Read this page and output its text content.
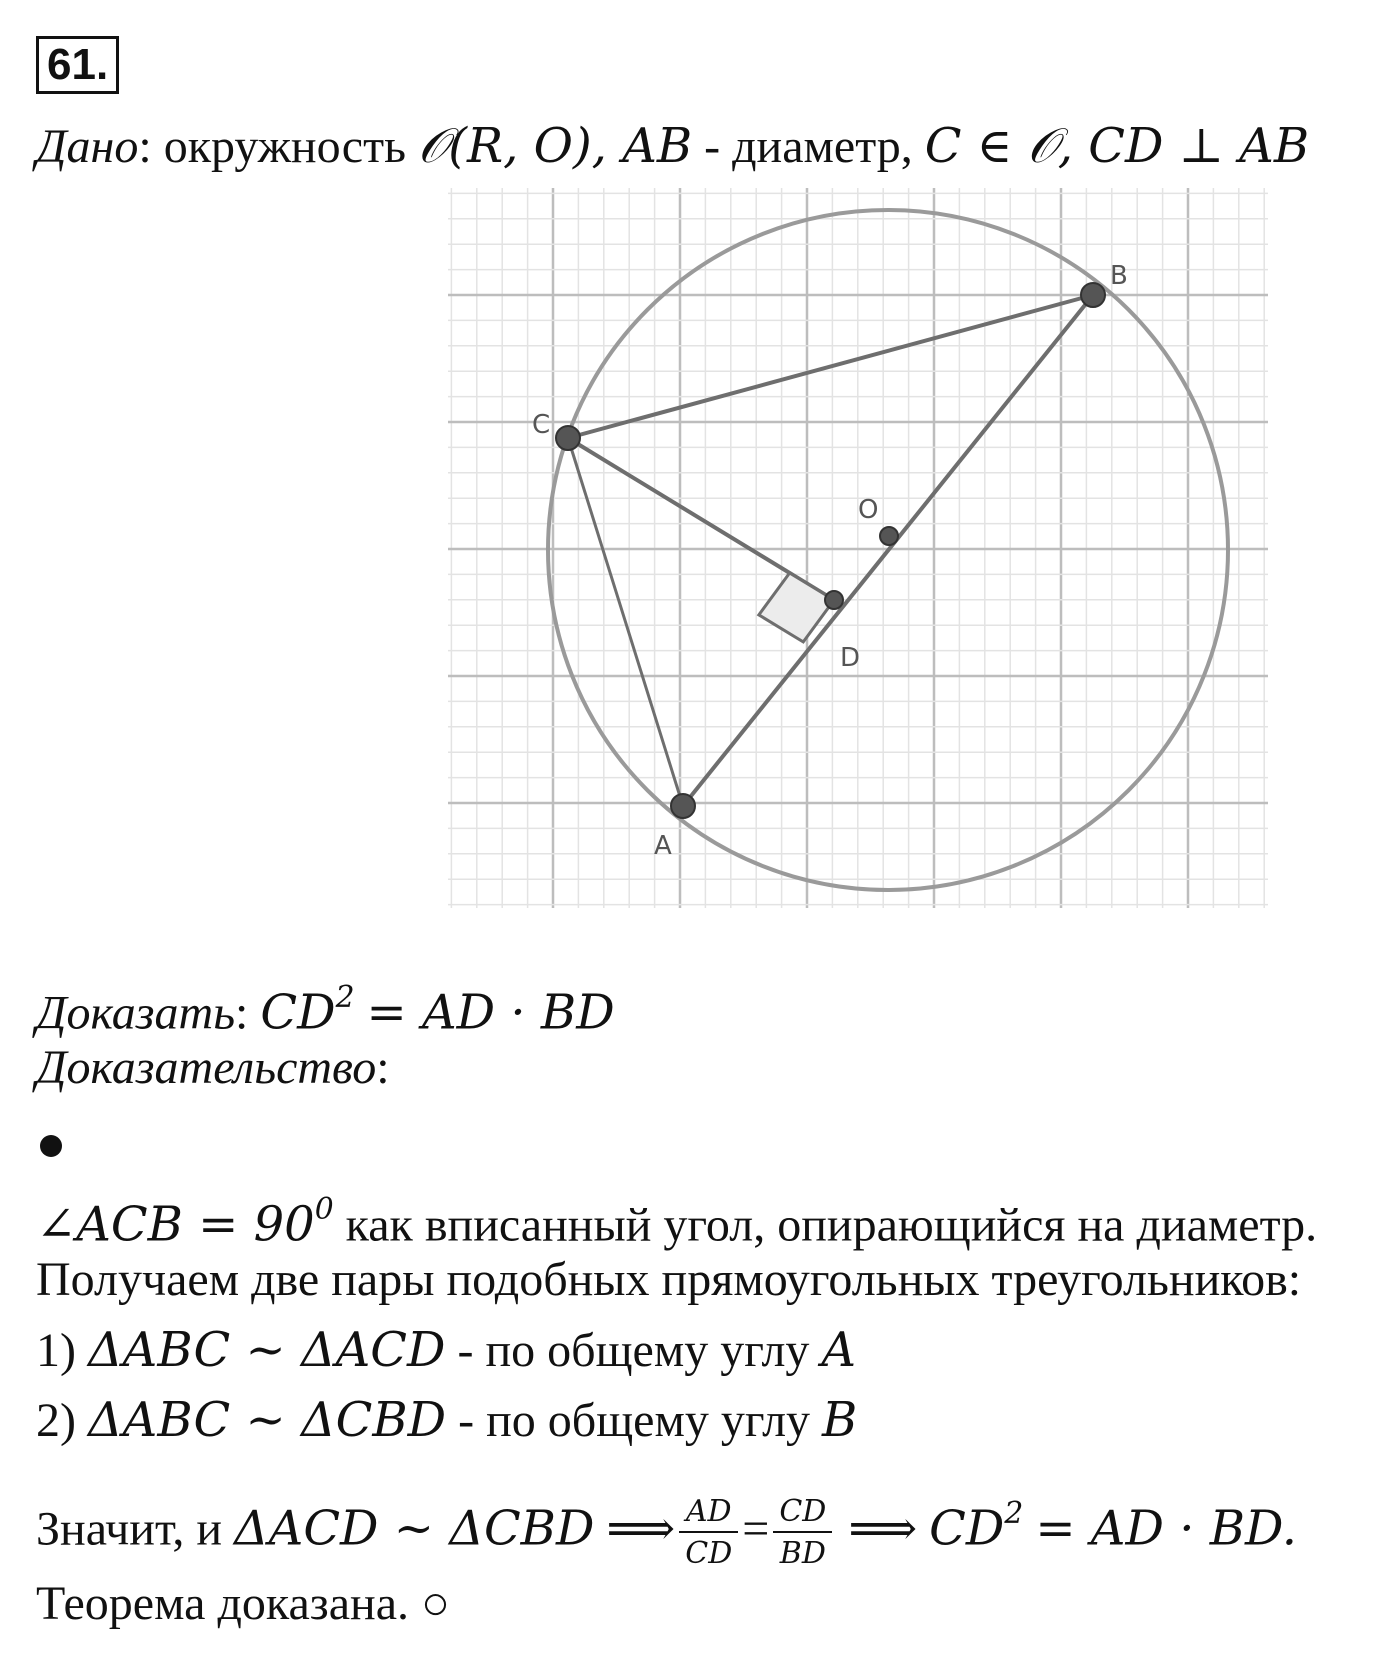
61.
Дано: окружность 𝒪(R, O), AB - диаметр, C ∈ 𝒪, CD ⊥ AB
A
B
C
D
O
Доказать: $CD^2$ = AD · BD
Доказательство:
∠ACB = $90^0$ как вписанный угол, опирающийся на диаметр.
Получаем две пары подобных прямоугольных треугольников:
1) ΔABC ~ ΔACD - по общему углу A
2) ΔABC ~ ΔCBD - по общему углу B
Значит, и ΔACD ~ ΔCBD ⟹ $\frac{AD}{CD} = \frac{CD}{BD}$ ⟹ $CD^2$ = AD · BD.
Теорема доказана. ○
